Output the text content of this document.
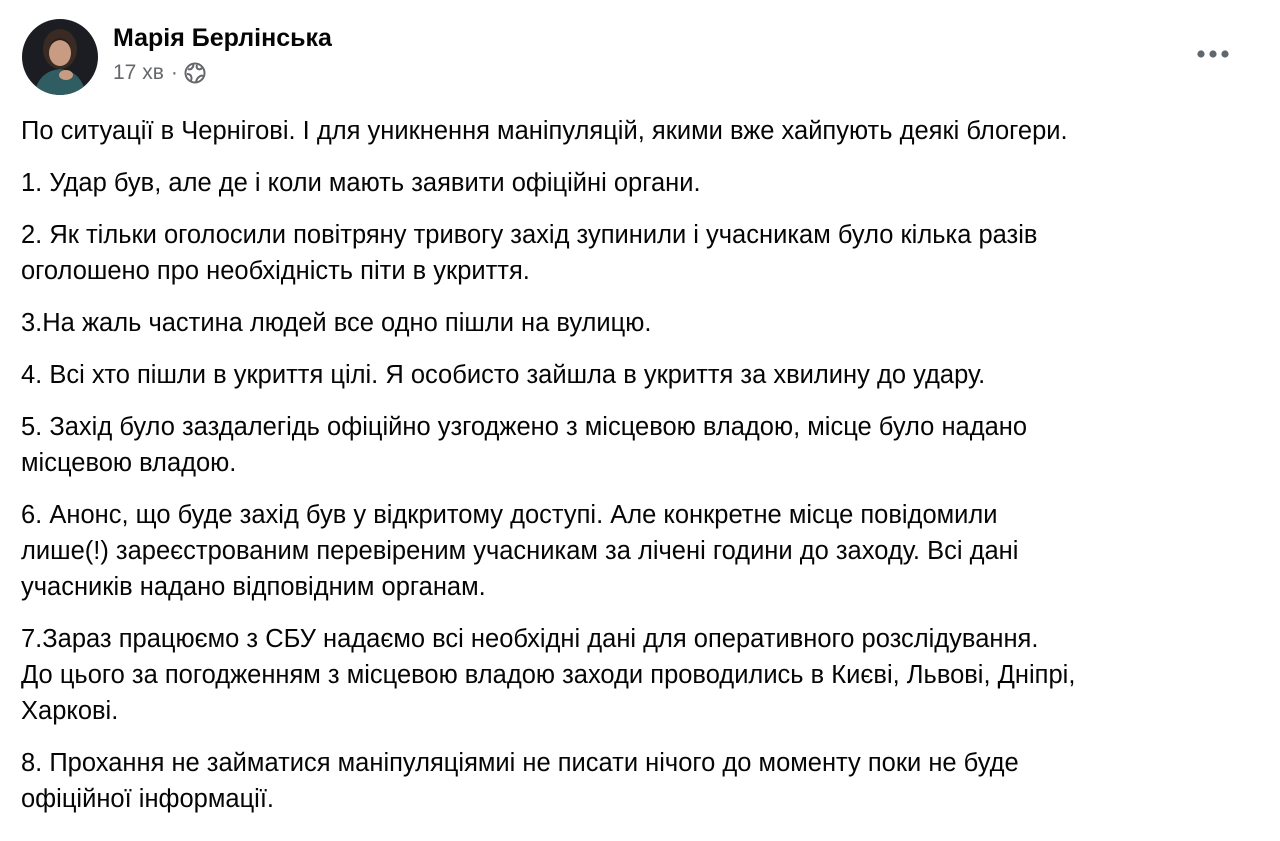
Марія Берлінська
17 хв ·
По ситуації в Чернігові. І для уникнення маніпуляцій, якими вже хайпують деякі блогери.
1. Удар був, але де і коли мають заявити офіційні органи.
2. Як тільки оголосили повітряну тривогу захід зупинили і учасникам було кілька разів
оголошено про необхідність піти в укриття.
3.На жаль частина людей все одно пішли на вулицю.
4. Всі хто пішли в укриття цілі. Я особисто зайшла в укриття за хвилину до удару.
5. Захід було заздалегідь офіційно узгоджено з місцевою владою, місце було надано
місцевою владою.
6. Анонс, що буде захід був у відкритому доступі. Але конкретне місце повідомили
лише(!) зареєстрованим перевіреним учасникам за лічені години до заходу. Всі дані
учасників надано відповідним органам.
7.Зараз працюємо з СБУ надаємо всі необхідні дані для оперативного розслідування.
До цього за погодженням з місцевою владою заходи проводились в Києві, Львові, Дніпрі,
Харкові.
8. Прохання не займатися маніпуляціямиі не писати нічого до моменту поки не буде
офіційної інформації.
